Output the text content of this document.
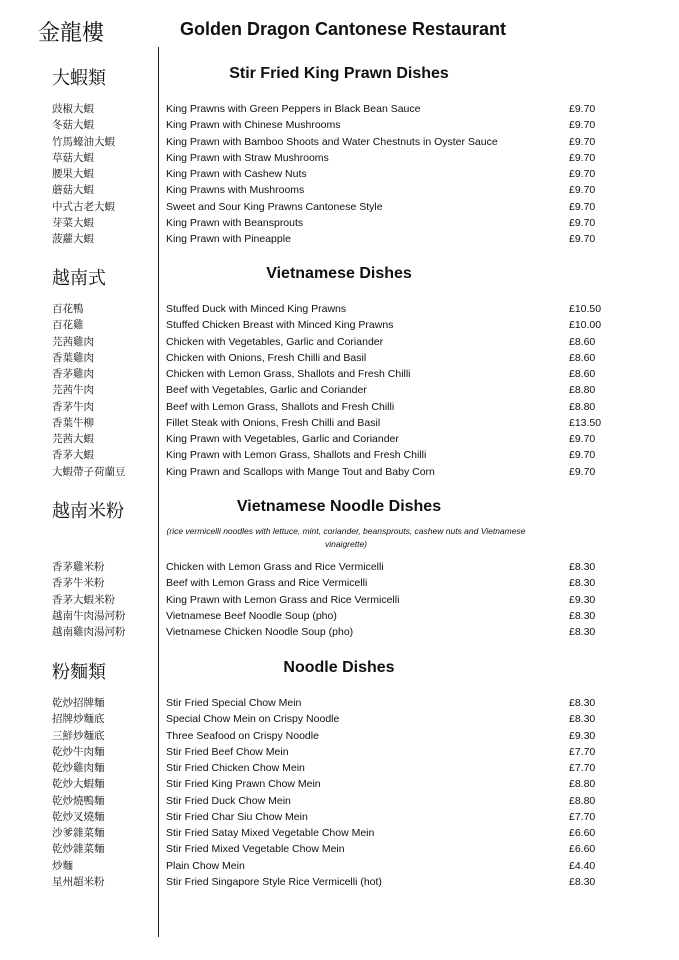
金龍樓	Golden Dragon Cantonese Restaurant
大蝦類	Stir Fried King Prawn Dishes
豉椒大蝦	King Prawns with Green Peppers in Black Bean Sauce	£9.70
冬菇大蝦	King Prawn with Chinese Mushrooms	£9.70
竹馬蠔油大蝦	King Prawn with Bamboo Shoots and Water Chestnuts in Oyster Sauce	£9.70
草菇大蝦	King Prawn with Straw Mushrooms	£9.70
腰果大蝦	King Prawn with Cashew Nuts	£9.70
蘑菇大蝦	King Prawns with Mushrooms	£9.70
中式古老大蝦	Sweet and Sour King Prawns Cantonese Style	£9.70
芽菜大蝦	King Prawn with Beansprouts	£9.70
菠蘿大蝦	King Prawn with Pineapple	£9.70
越南式	Vietnamese Dishes
百花鴨	Stuffed Duck with Minced King Prawns	£10.50
百花雞	Stuffed Chicken Breast with Minced King Prawns	£10.00
芫茜雞肉	Chicken with Vegetables, Garlic and Coriander	£8.60
香葉雞肉	Chicken with Onions, Fresh Chilli and Basil	£8.60
香茅雞肉	Chicken with Lemon Grass, Shallots and Fresh Chilli	£8.60
芫茜牛肉	Beef with Vegetables, Garlic and Coriander	£8.80
香茅牛肉	Beef with Lemon Grass, Shallots and Fresh Chilli	£8.80
香葉牛柳	Fillet Steak with Onions, Fresh Chilli and Basil	£13.50
芫茜大蝦	King Prawn with Vegetables, Garlic and Coriander	£9.70
香茅大蝦	King Prawn with Lemon Grass, Shallots and Fresh Chilli	£9.70
大蝦帶子荷蘭豆	King Prawn and Scallops with Mange Tout and Baby Corn	£9.70
越南米粉	Vietnamese Noodle Dishes
(rice vermicelli noodles with lettuce, mint, coriander, beansprouts, cashew nuts and Vietnamese vinaigrette)
香茅雞米粉	Chicken with Lemon Grass and Rice Vermicelli	£8.30
香茅牛米粉	Beef with Lemon Grass and Rice Vermicelli	£8.30
香茅大蝦米粉	King Prawn with Lemon Grass and Rice Vermicelli	£9.30
越南牛肉湯河粉	Vietnamese Beef Noodle Soup (pho)	£8.30
越南雞肉湯河粉	Vietnamese Chicken Noodle Soup (pho)	£8.30
粉麵類	Noodle Dishes
乾炒招牌麵	Stir Fried Special Chow Mein	£8.30
招牌炒麵底	Special Chow Mein on Crispy Noodle	£8.30
三鮮炒麵底	Three Seafood on Crispy Noodle	£9.30
乾炒牛肉麵	Stir Fried Beef Chow Mein	£7.70
乾炒雞肉麵	Stir Fried Chicken Chow Mein	£7.70
乾炒大蝦麵	Stir Fried King Prawn Chow Mein	£8.80
乾炒燒鴨麵	Stir Fried Duck Chow Mein	£8.80
乾炒叉燒麵	Stir Fried Char Siu Chow Mein	£7.70
沙爹雜菜麵	Stir Fried Satay Mixed Vegetable Chow Mein	£6.60
乾炒雜菜麵	Stir Fried Mixed Vegetable Chow Mein	£6.60
炒麵	Plain Chow Mein	£4.40
星州超米粉	Stir Fried Singapore Style Rice Vermicelli (hot)	£8.30
